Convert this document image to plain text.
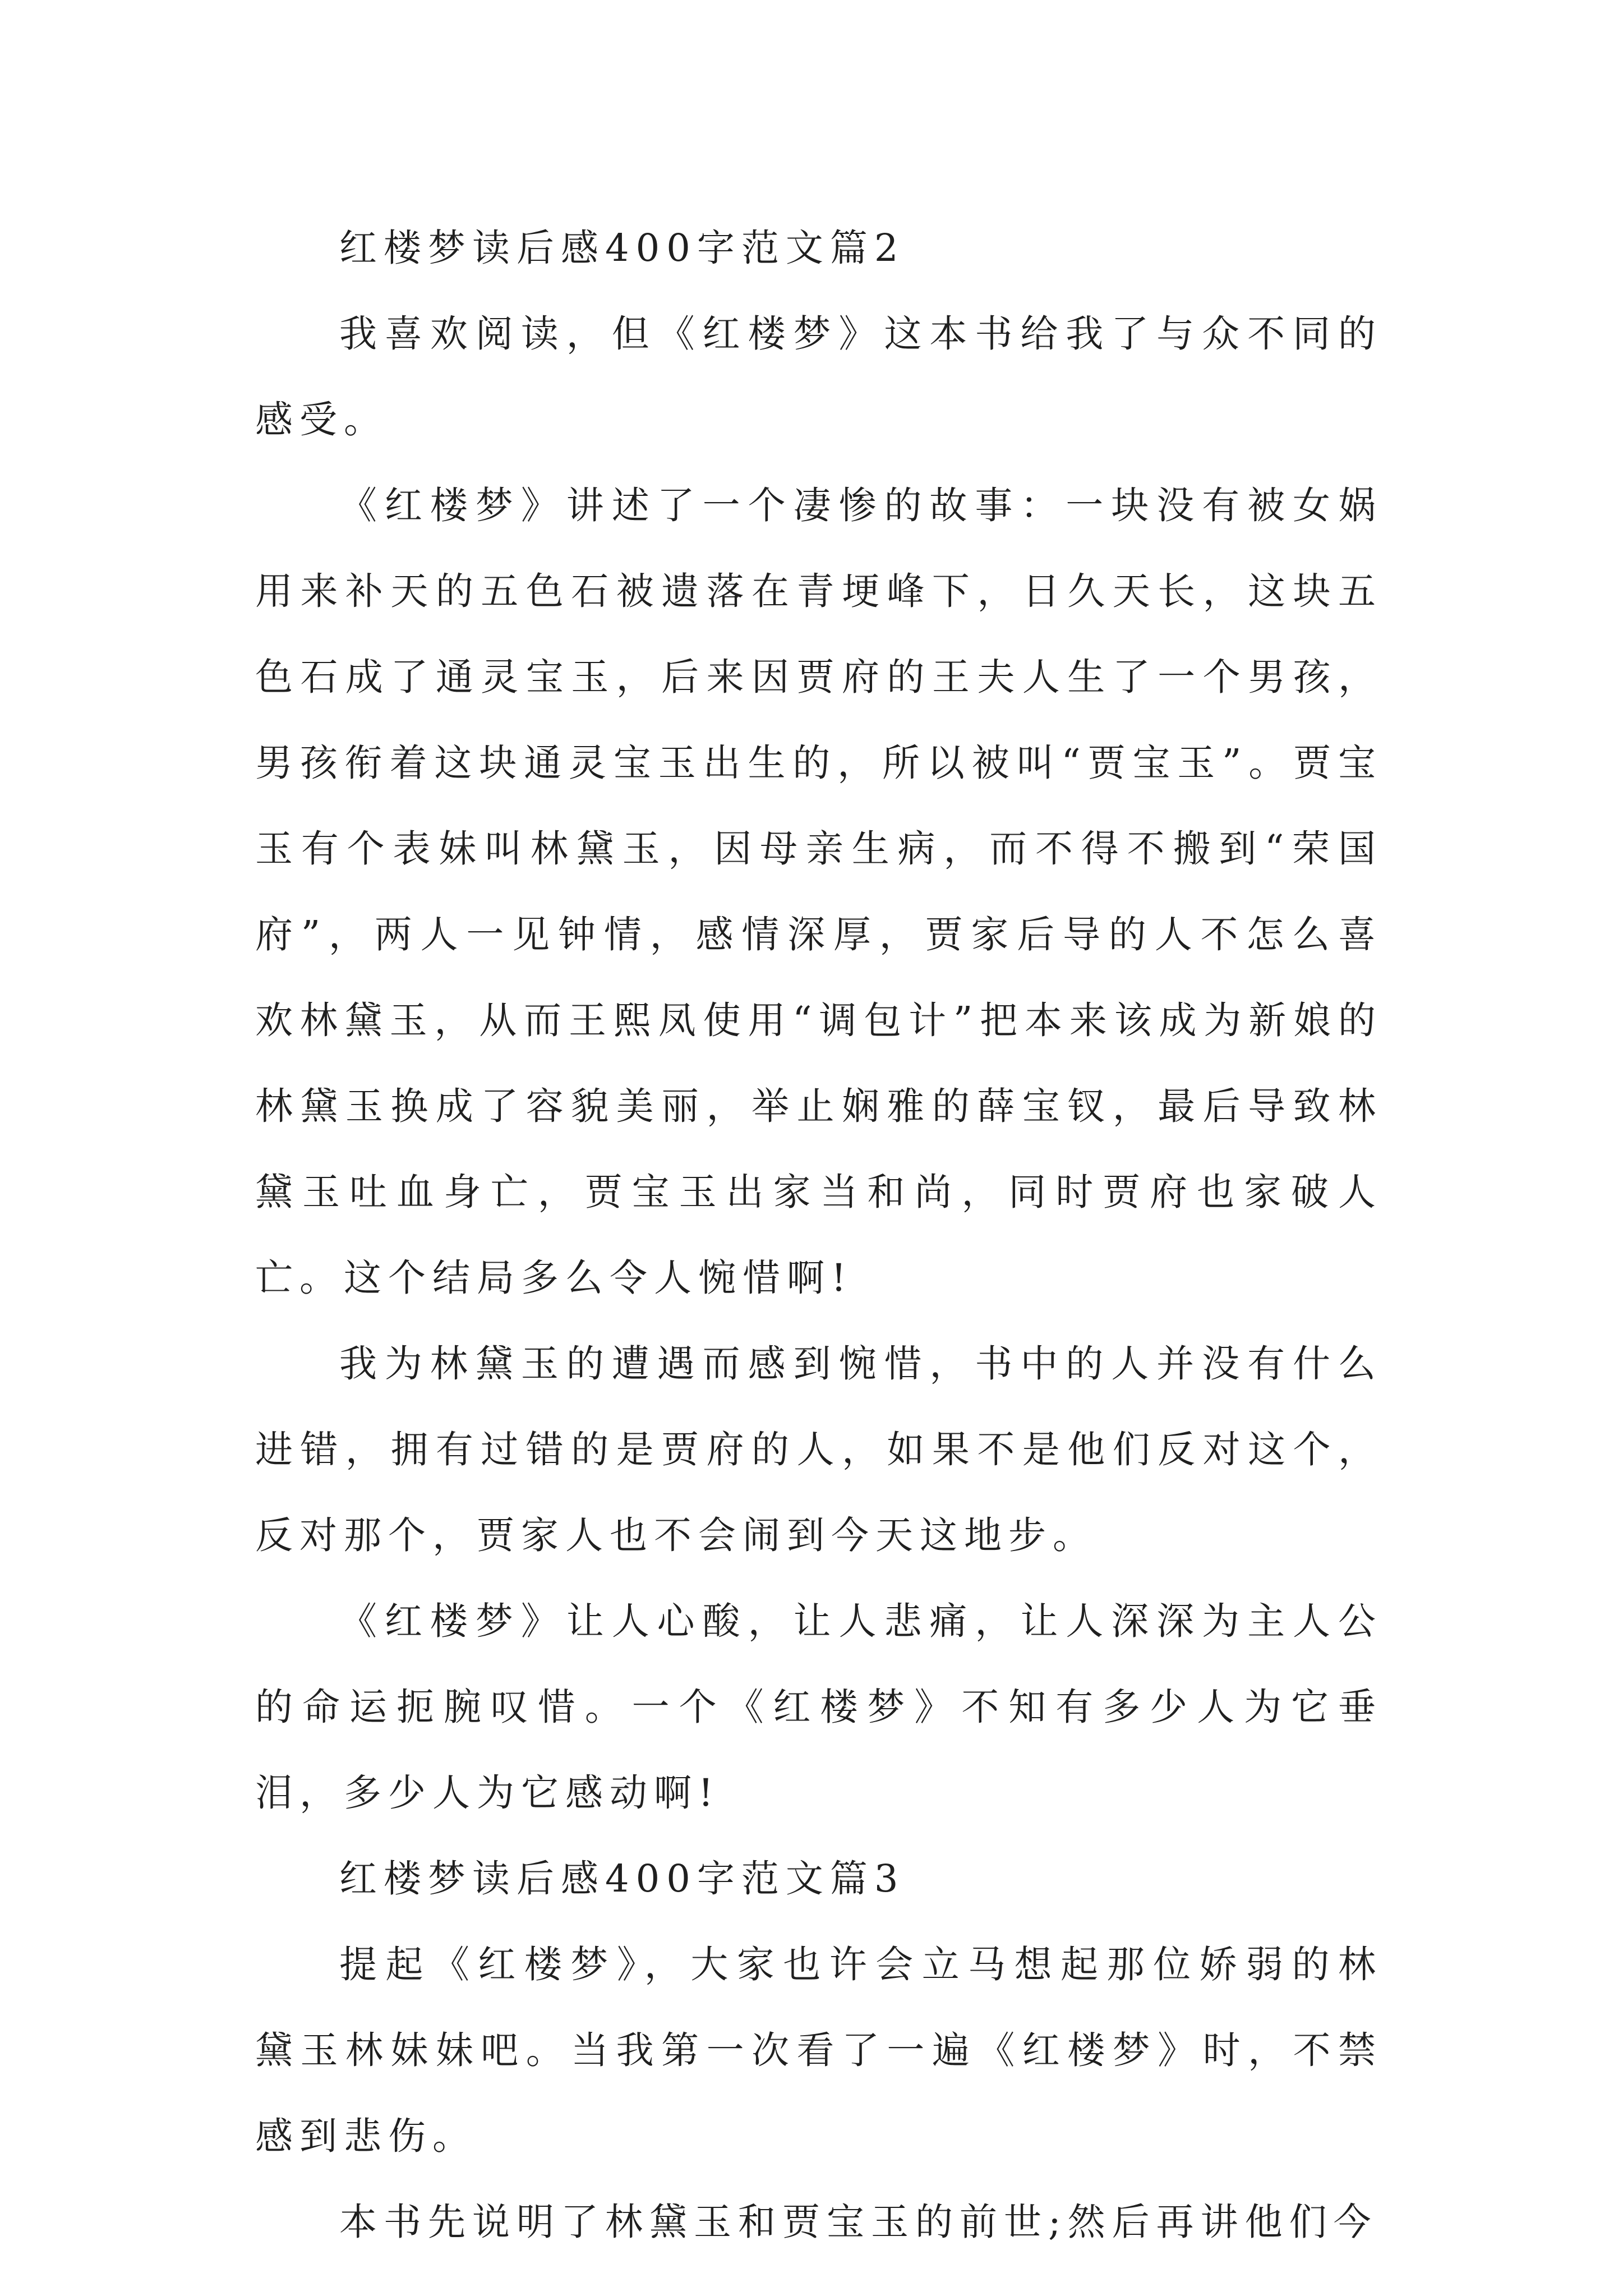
红楼梦读后感400字范文篇2

我喜欢阅读，但《红楼梦》这本书给我了与众不同的感受。

《红楼梦》讲述了一个凄惨的故事：一块没有被女娲用来补天的五色石被遗落在青埂峰下，日久天长，这块五色石成了通灵宝玉，后来因贾府的王夫人生了一个男孩，男孩衔着这块通灵宝玉出生的，所以被叫“贾宝玉”。贾宝玉有个表妹叫林黛玉，因母亲生病，而不得不搬到“荣国府”，两人一见钟情，感情深厚，贾家后导的人不怎么喜欢林黛玉，从而王熙凤使用“调包计”把本来该成为新娘的林黛玉换成了容貌美丽，举止娴雅的薛宝钗，最后导致林黛玉吐血身亡，贾宝玉出家当和尚，同时贾府也家破人亡。这个结局多么令人惋惜啊!

我为林黛玉的遭遇而感到惋惜，书中的人并没有什么进错，拥有过错的是贾府的人，如果不是他们反对这个，反对那个，贾家人也不会闹到今天这地步。

《红楼梦》让人心酸，让人悲痛，让人深深为主人公的命运扼腕叹惜。一个《红楼梦》不知有多少人为它垂泪，多少人为它感动啊!

红楼梦读后感400字范文篇3

提起《红楼梦》，大家也许会立马想起那位娇弱的林黛玉林妹妹吧。当我第一次看了一遍《红楼梦》时，不禁感到悲伤。

本书先说明了林黛玉和贾宝玉的前世;然后再讲他们今
